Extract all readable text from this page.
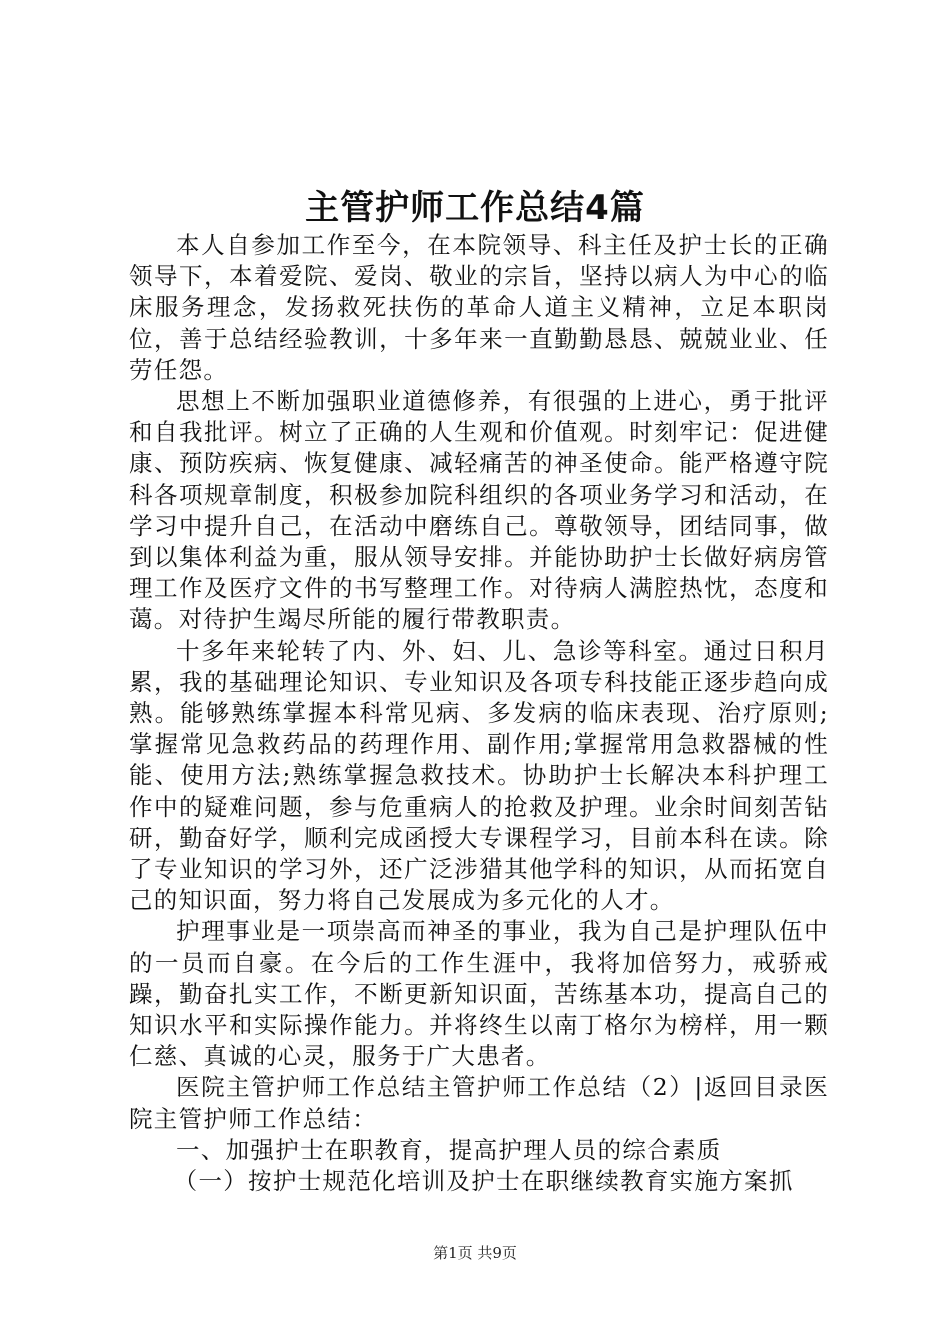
主管护师工作总结4篇

本人自参加工作至今，在本院领导、科主任及护士长的正确领导下，本着爱院、爱岗、敬业的宗旨，坚持以病人为中心的临床服务理念，发扬救死扶伤的革命人道主义精神，立足本职岗位，善于总结经验教训，十多年来一直勤勤恳恳、兢兢业业、任劳任怨。

思想上不断加强职业道德修养，有很强的上进心，勇于批评和自我批评。树立了正确的人生观和价值观。时刻牢记：促进健康、预防疾病、恢复健康、减轻痛苦的神圣使命。能严格遵守院科各项规章制度，积极参加院科组织的各项业务学习和活动，在学习中提升自己，在活动中磨练自己。尊敬领导，团结同事，做到以集体利益为重，服从领导安排。并能协助护士长做好病房管理工作及医疗文件的书写整理工作。对待病人满腔热忱，态度和蔼。对待护生竭尽所能的履行带教职责。

十多年来轮转了内、外、妇、儿、急诊等科室。通过日积月累，我的基础理论知识、专业知识及各项专科技能正逐步趋向成熟。能够熟练掌握本科常见病、多发病的临床表现、治疗原则;掌握常见急救药品的药理作用、副作用;掌握常用急救器械的性能、使用方法;熟练掌握急救技术。协助护士长解决本科护理工作中的疑难问题，参与危重病人的抢救及护理。业余时间刻苦钻研，勤奋好学，顺利完成函授大专课程学习，目前本科在读。除了专业知识的学习外，还广泛涉猎其他学科的知识，从而拓宽自己的知识面，努力将自己发展成为多元化的人才。

护理事业是一项崇高而神圣的事业，我为自己是护理队伍中的一员而自豪。在今后的工作生涯中，我将加倍努力，戒骄戒躁，勤奋扎实工作，不断更新知识面，苦练基本功，提高自己的知识水平和实际操作能力。并将终生以南丁格尔为榜样，用一颗仁慈、真诚的心灵，服务于广大患者。

医院主管护师工作总结主管护师工作总结（2）|返回目录医院主管护师工作总结：

一、加强护士在职教育，提高护理人员的综合素质

（一）按护士规范化培训及护士在职继续教育实施方案抓

第1页 共9页
